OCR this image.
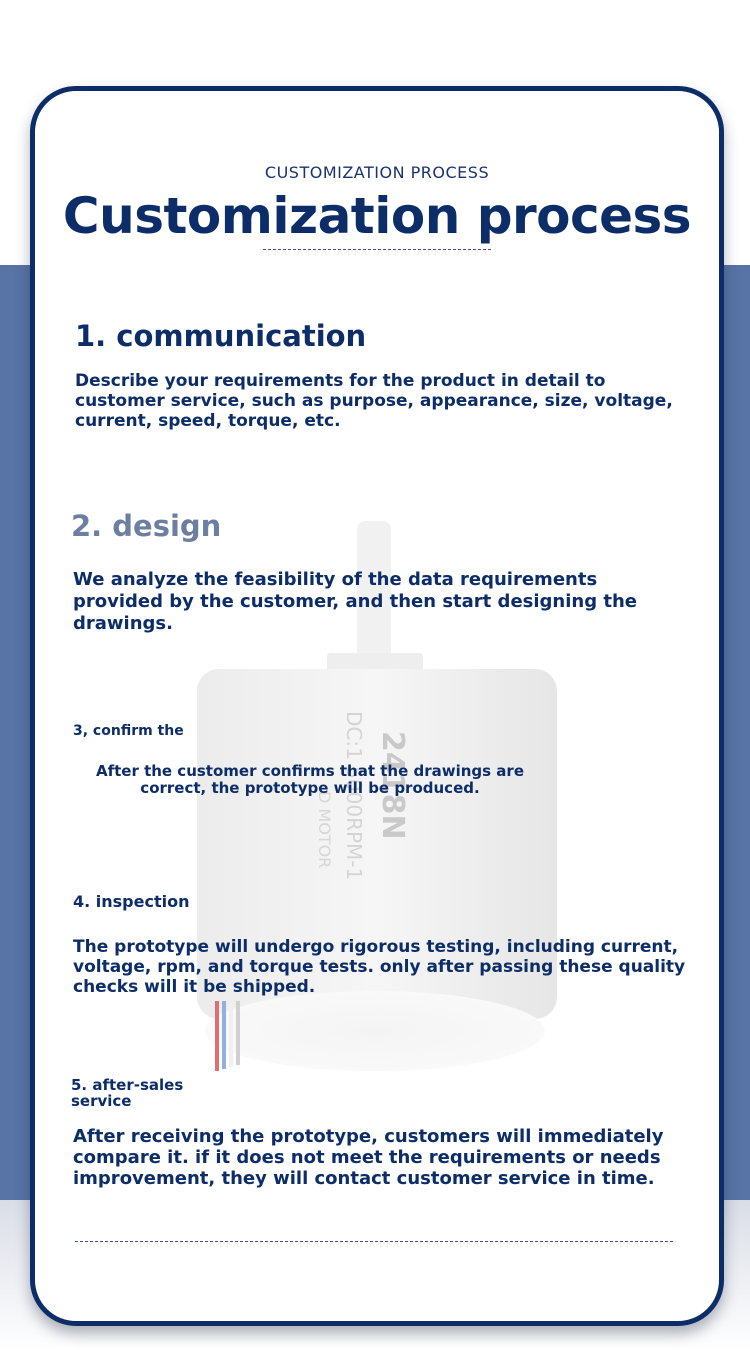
2418N
DC:1 5000RPM-1
D MOTOR
CUSTOMIZATION PROCESS
Customization process
1. communication
Describe your requirements for the product in detail to customer service, such as purpose, appearance, size, voltage, current, speed, torque, etc.
2. design
We analyze the feasibility of the data requirements provided by the customer, and then start designing the drawings.
3, confirm the
After the customer confirms that the drawings are correct, the prototype will be produced.
4. inspection
The prototype will undergo rigorous testing, including current, voltage, rpm, and torque tests. only after passing these quality checks will it be shipped.
5. after-sales service
After receiving the prototype, customers will immediately compare it. if it does not meet the requirements or needs improvement, they will contact customer service in time.
